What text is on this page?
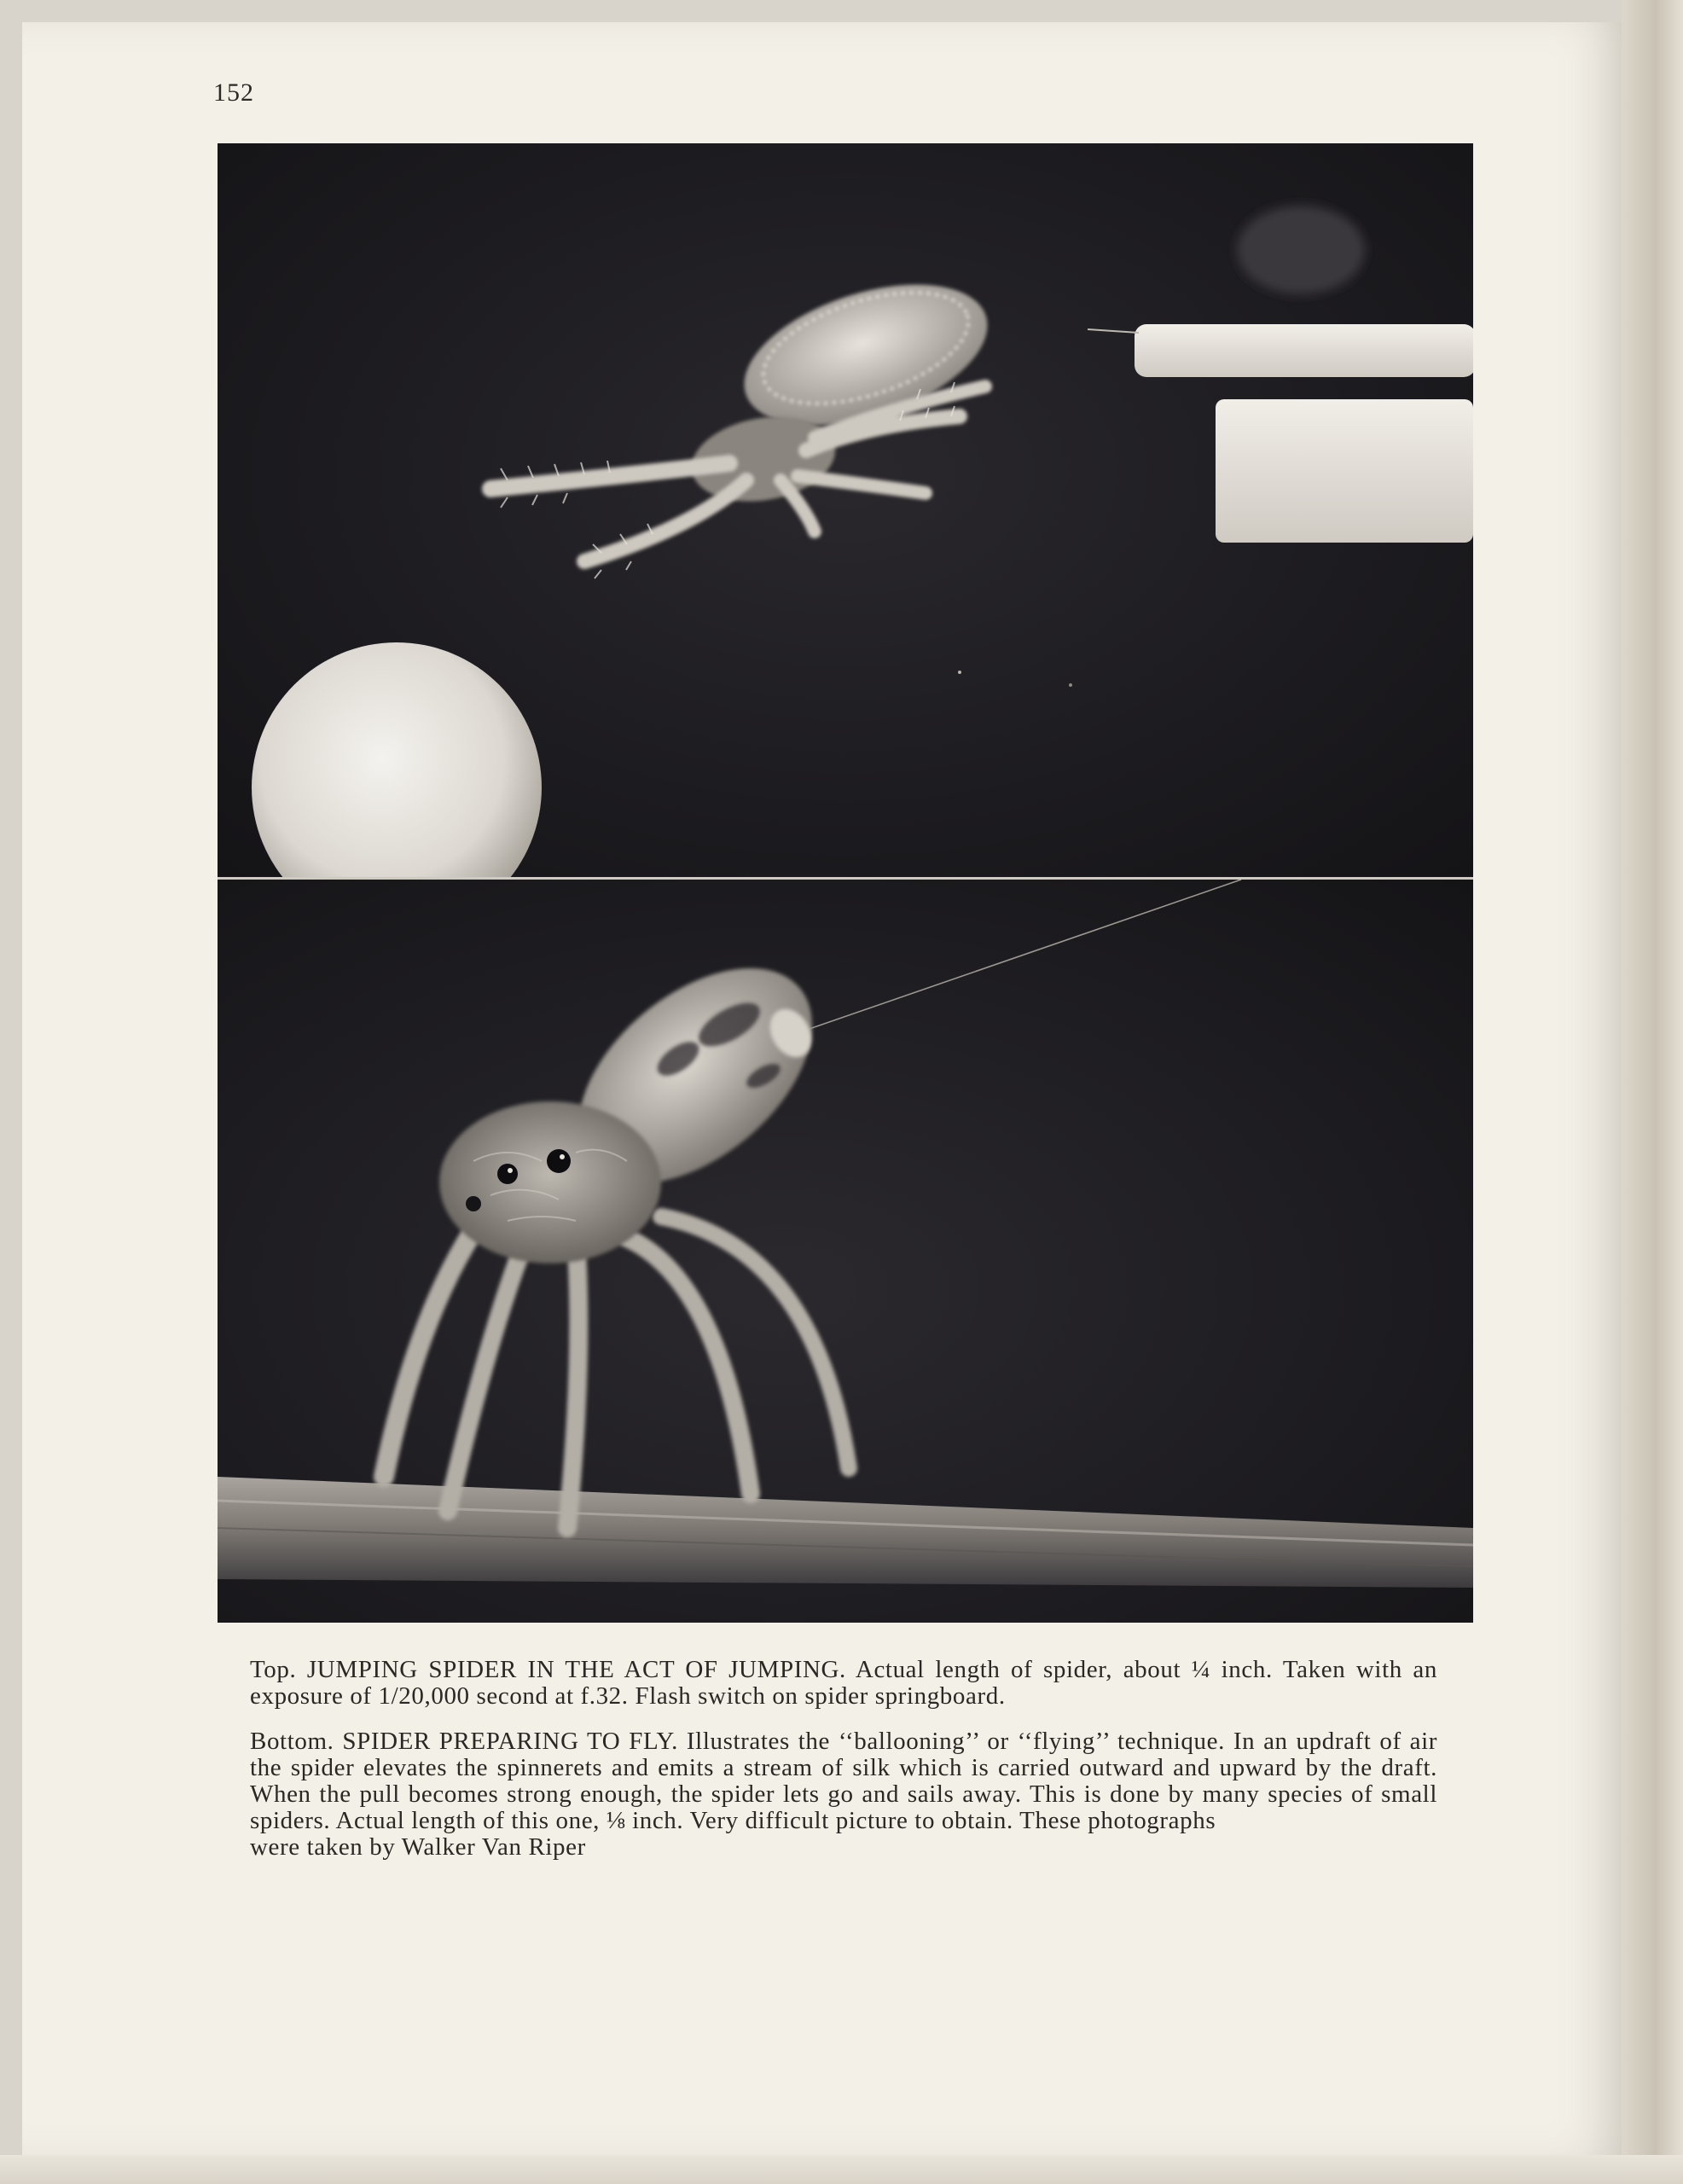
152

Top. JUMPING SPIDER IN THE ACT OF JUMPING. Actual length of spider, about ¼ inch. Taken with an exposure of 1/20,000 second at f.32. Flash switch on spider springboard.

Bottom. SPIDER PREPARING TO FLY. Illustrates the ‘‘ballooning’’ or ‘‘flying’’ technique. In an updraft of air the spider elevates the spinnerets and emits a stream of silk which is carried outward and upward by the draft. When the pull becomes strong enough, the spider lets go and sails away. This is done by many species of small spiders. Actual length of this one, ⅛ inch. Very difficult picture to obtain. These photographs
were taken by Walker Van Riper
